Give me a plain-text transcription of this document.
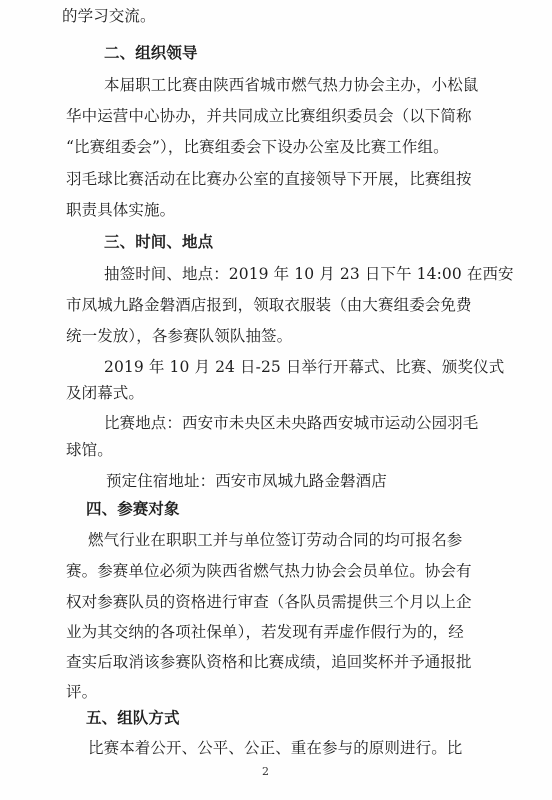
的学习交流。
二、组织领导
本届职工比赛由陕西省城市燃气热力协会主办，小松鼠
华中运营中心协办，并共同成立比赛组织委员会（以下简称
“比赛组委会”），比赛组委会下设办公室及比赛工作组。
羽毛球比赛活动在比赛办公室的直接领导下开展，比赛组按
职责具体实施。
三、时间、地点
抽签时间、地点：2019 年 10 月 23 日下午 14:00 在西安
市凤城九路金磐酒店报到，领取衣服装（由大赛组委会免费
统一发放），各参赛队领队抽签。
2019 年 10 月 24 日-25 日举行开幕式、比赛、颁奖仪式
及闭幕式。
比赛地点：西安市未央区未央路西安城市运动公园羽毛
球馆。
预定住宿地址：西安市凤城九路金磐酒店
四、参赛对象
燃气行业在职职工并与单位签订劳动合同的均可报名参
赛。参赛单位必须为陕西省燃气热力协会会员单位。协会有
权对参赛队员的资格进行审查（各队员需提供三个月以上企
业为其交纳的各项社保单），若发现有弄虚作假行为的，经
查实后取消该参赛队资格和比赛成绩，追回奖杯并予通报批
评。
五、组队方式
比赛本着公开、公平、公正、重在参与的原则进行。比
2
